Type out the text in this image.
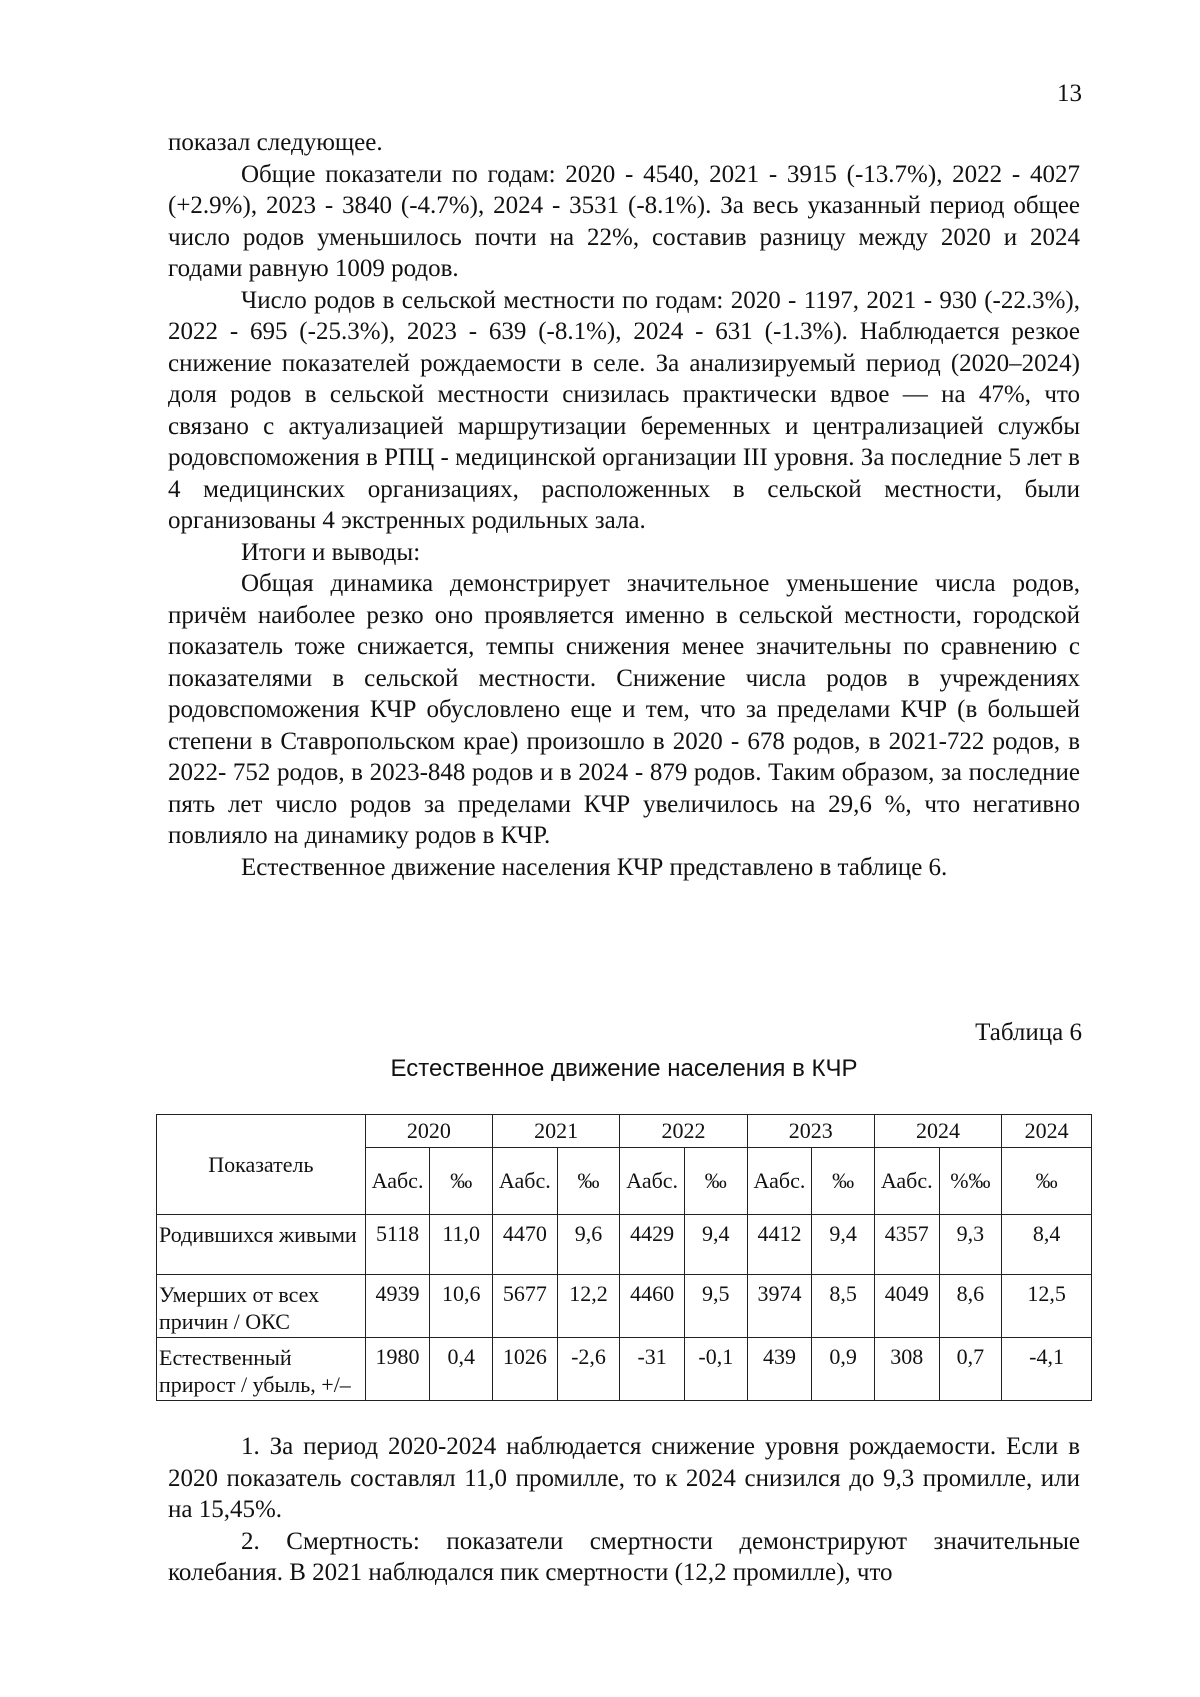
13

показал следующее.

Общие показатели по годам: 2020 - 4540, 2021 - 3915 (-13.7%), 2022 - 4027 (+2.9%), 2023 - 3840 (-4.7%), 2024 - 3531 (-8.1%). За весь указанный период общее число родов уменьшилось почти на 22%, составив разницу между 2020 и 2024 годами равную 1009 родов.

Число родов в сельской местности по годам: 2020 - 1197, 2021 - 930 (-22.3%), 2022 - 695 (-25.3%), 2023 - 639 (-8.1%), 2024 - 631 (-1.3%). Наблюдается резкое снижение показателей рождаемости в селе. За анализируемый период (2020–2024) доля родов в сельской местности снизилась практически вдвое — на 47%, что связано с актуализацией маршрутизации беременных и централизацией службы родовспоможения в РПЦ - медицинской организации III уровня. За последние 5 лет в 4 медицинских организациях, расположенных в сельской местности, были организованы 4 экстренных родильных зала.

Итоги и выводы:

Общая динамика демонстрирует значительное уменьшение числа родов, причём наиболее резко оно проявляется именно в сельской местности, городской показатель тоже снижается, темпы снижения менее значительны по сравнению с показателями в сельской местности. Снижение числа родов в учреждениях родовспоможения КЧР обусловлено еще и тем, что за пределами КЧР (в большей степени в Ставропольском крае) произошло в 2020 - 678 родов, в 2021-722 родов, в 2022- 752 родов, в 2023-848 родов и в 2024 - 879 родов. Таким образом, за последние пять лет число родов за пределами КЧР увеличилось на 29,6 %, что негативно повлияло на динамику родов в КЧР.

Естественное движение населения КЧР представлено в таблице 6.

Таблица 6
Естественное движение населения в КЧР
Показатель	2020		2021		2022		2023		2024		2024
	Аабс.	‰	Аабс.	‰	Аабс.	‰	Аабс.	‰	Аабс.	%‰	‰
Родившихся живыми	5118	11,0	4470	9,6	4429	9,4	4412	9,4	4357	9,3	8,4
Умерших от всех причин / ОКС	4939	10,6	5677	12,2	4460	9,5	3974	8,5	4049	8,6	12,5
Естественный прирост / убыль, +/–	1980	0,4	1026	-2,6	-31	-0,1	439	0,9	308	0,7	-4,1

1. За период 2020-2024 наблюдается снижение уровня рождаемости. Если в 2020 показатель составлял 11,0 промилле, то к 2024 снизился до 9,3 промилле, или на 15,45%.

2. Смертность: показатели смертности демонстрируют значительные колебания. В 2021 наблюдался пик смертности (12,2 промилле), что
